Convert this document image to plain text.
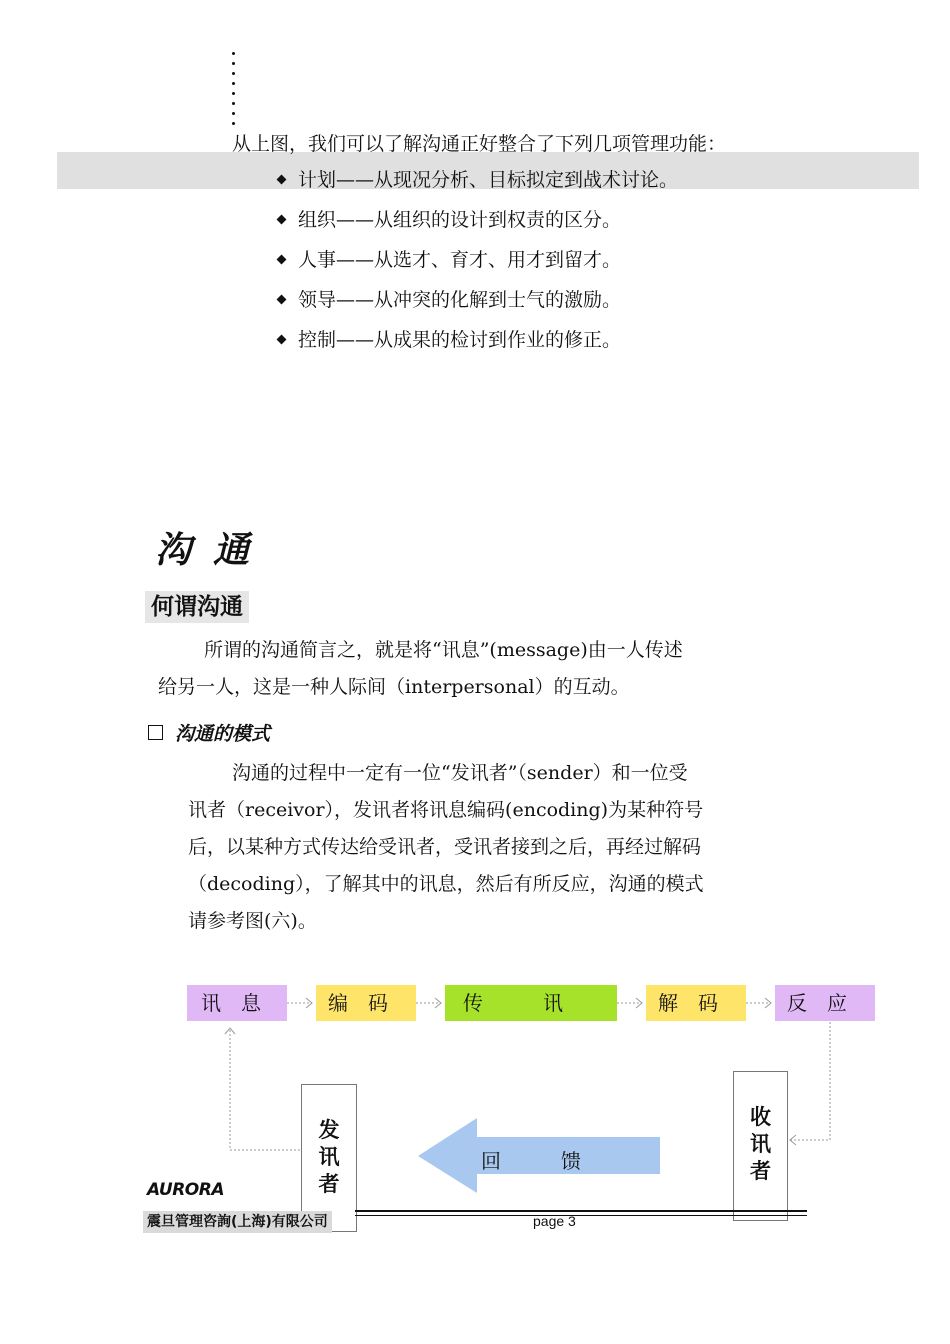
从上图，我们可以了解沟通正好整合了下列几项管理功能：
计划——从现况分析、目标拟定到战术讨论。
组织——从组织的设计到权责的区分。
人事——从选才、育才、用才到留才。
领导——从冲突的化解到士气的激励。
控制——从成果的检讨到作业的修正。
沟通
何谓沟通
所谓的沟通简言之，就是将“讯息”(message)由一人传述
给另一人，这是一种人际间（interpersonal）的互动。
沟通的模式
沟通的过程中一定有一位“发讯者”（sender）和一位受
讯者（receivor），发讯者将讯息编码(encoding)为某种符号
后，以某种方式传达给受讯者，受讯者接到之后，再经过解码
（decoding），了解其中的讯息，然后有所反应，沟通的模式
请参考图(六)。
讯　息	编　码	传　　　讯	解　码	反　应
发讯者
收讯者
回　　　馈
AURORA
震旦管理咨詢(上海)有限公司	page 3
